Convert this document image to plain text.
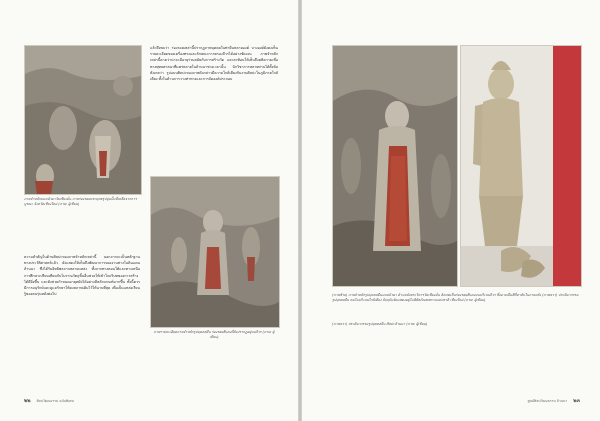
ภาพจำหลักบนหน้าผาวัดเชียงมั่น ภาพร่องรอยพระพุทธรูปปูนปั้นที่เหลือจากการบูรณะ จังหวัดเชียงใหม่ (ภาพ: ผู้เขียน)

แล้วจึงพบว่า ร่องรอยเหล่านี้ปรากฏภาพบุคคลในท่ายืนหลายองค์ บางองค์ยังคงเห็นรายละเอียดของเครื่องทรงและลักษณะการครองจีวรได้อย่างชัดเจน ภาพจำหลักเหล่านี้คาดว่าน่าจะมีอายุร่วมสมัยกับการสร้างวัด และสะท้อนให้เห็นถึงคติความเชื่อทางพุทธศาสนาที่แพร่หลายในล้านนาช่วงเวลานั้น นักวิชาการหลายท่านได้ตั้งข้อสังเกตว่า รูปแบบศิลปะของภาพดังกล่าวมีความใกล้เคียงกับงานศิลปะในภูมิภาคใกล้เคียง ทั้งในด้านการวางท่าทางและการจัดองค์ประกอบ

ภาพรายละเอียดภาพจำหลักรูปบุคคลยืน ร่องรอยสีแดงที่ยังปรากฏอยู่บนจีวร (ภาพ: ผู้เขียน)

ความสำคัญในด้านศิลปะของภาพจำหลักเหล่านี้ นอกจากจะเป็นหลักฐานทางประวัติศาสตร์แล้ว ยังแสดงให้เห็นถึงพัฒนาการของงานช่างในดินแดนล้านนา ซึ่งได้รับอิทธิพลจากหลายแหล่ง ทั้งจากทางตอนใต้และทางเหนือ การศึกษาเปรียบเทียบกับโบราณวัตถุชิ้นอื่นช่วยให้เข้าใจบริบทของการสร้างได้ดียิ่งขึ้น และยังช่วยกำหนดอายุสมัยได้อย่างมีหลักเกณฑ์มากขึ้น ทั้งนี้ควรมีการอนุรักษ์และดูแลรักษาให้คงสภาพเดิมไว้ให้นานที่สุด เพื่อเป็นแหล่งเรียนรู้ของคนรุ่นหลังต่อไป

๒๒ ศิลปวัฒนธรรม ฉบับพิเศษ

(ภาพซ้าย) ภาพจำหลักรูปบุคคลยืนบนหน้าผา ด้านหลังพระวิหารวัดเชียงมั่น สังเกตเห็นร่องรอยสีแดงบนบริเวณจีวร ซึ่งอาจเป็นสีที่ทาทับในภายหลัง (ภาพขวา) ประติมากรรมรูปบุคคลยืน พบในบริเวณใกล้เคียง ปัจจุบันจัดแสดงอยู่ในพิพิธภัณฑสถานแห่งชาติ เชียงใหม่ (ภาพ: ผู้เขียน)

(ภาพขวา) ประติมากรรมรูปบุคคลยืน ศิลปะล้านนา (ภาพ: ผู้เขียน)

ศูนย์ศิลปวัฒนธรรม ล้านนา ๒๓
